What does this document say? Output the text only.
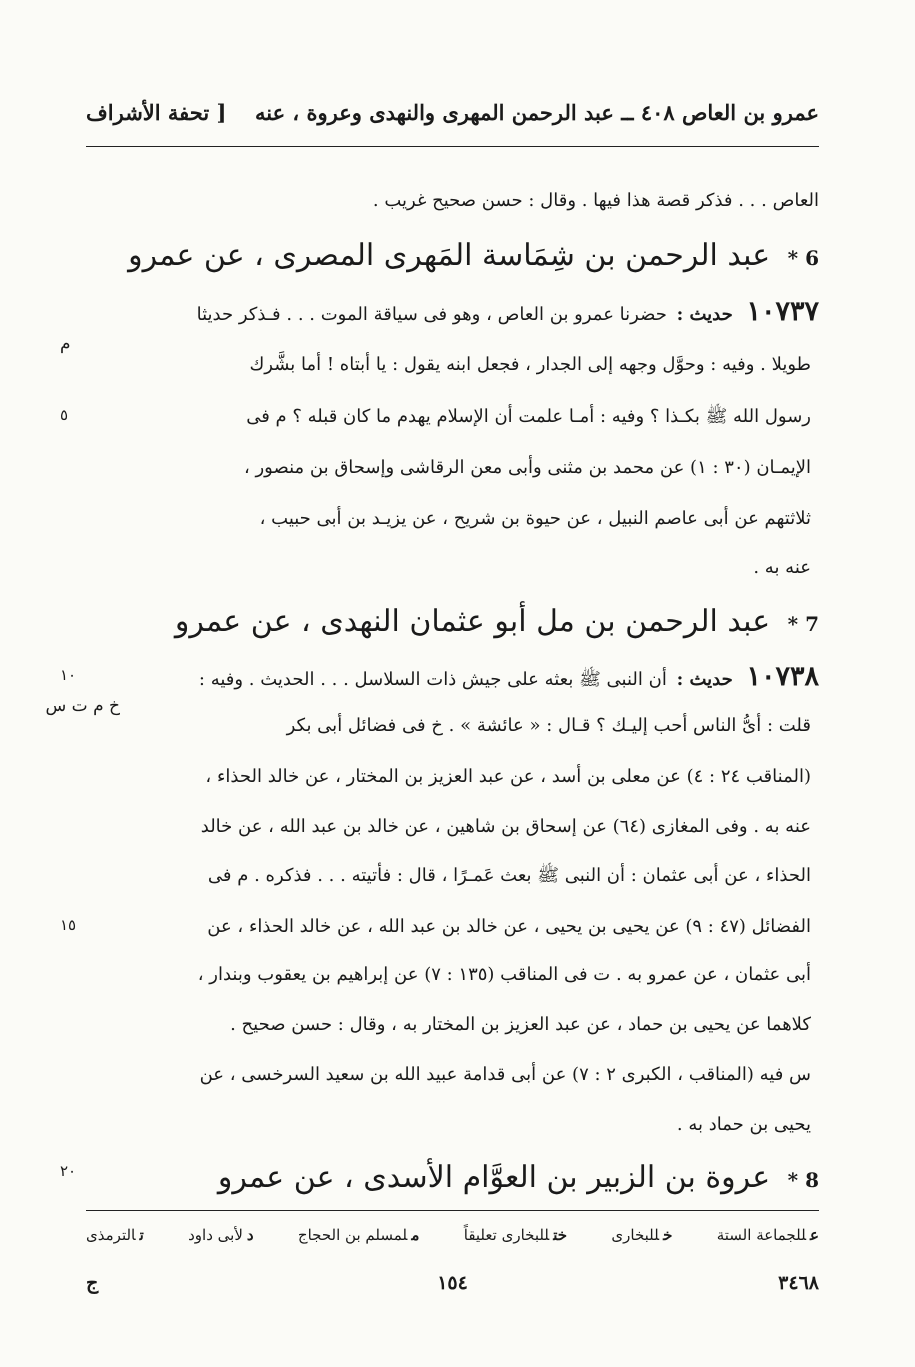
عمرو بن العاص ٤٠٨ ــ عبد الرحمن المهرى والنهدى وعروة ، عنه
[ تحفة الأشراف
العاص . . . فذكر قصة هذا فيها . وقال : حسن صحيح غريب .
6 * عبد الرحمن بن شِمَاسة المَهرى المصرى ، عن عمرو
١٠٧٣٧ حديث : حضرنا عمرو بن العاص ، وهو فى سياقة الموت . . . فـذكر حديثا
م
طويلا . وفيه : وحوَّل وجهه إلى الجدار ، فجعل ابنه يقول : يا أبتاه ! أما بشَّرك
رسول الله ﷺ بكـذا ؟ وفيه : أمـا علمت أن الإسلام يهدم ما كان قبله ؟ م فى
٥
الإيمـان (٣٠ : ١) عن محمد بن مثنى وأبى معن الرقاشى وإسحاق بن منصور ،
ثلاثتهم عن أبى عاصم النبيل ، عن حيوة بن شريح ، عن يزيـد بن أبى حبيب ،
عنه به .
7 * عبد الرحمن بن مل أبو عثمان النهدى ، عن عمرو
١٠٧٣٨ حديث : أن النبى ﷺ بعثه على جيش ذات السلاسل . . . الحديث . وفيه :
١٠
خ م ت س
قلت : أىُّ الناس أحب إليـك ؟ قـال : « عائشة » . خ فى فضائل أبى بكر
(المناقب ٢٤ : ٤) عن معلى بن أسد ، عن عبد العزيز بن المختار ، عن خالد الحذاء ،
عنه به . وفى المغازى (٦٤) عن إسحاق بن شاهين ، عن خالد بن عبد الله ، عن خالد
الحذاء ، عن أبى عثمان : أن النبى ﷺ بعث عَمـرًا ، قال : فأتيته . . . فذكره . م فى
الفضائل (٤٧ : ٩) عن يحيى بن يحيى ، عن خالد بن عبد الله ، عن خالد الحذاء ، عن
١٥
أبى عثمان ، عن عمرو به . ت فى المناقب (١٣٥ : ٧) عن إبراهيم بن يعقوب وبندار ،
كلاهما عن يحيى بن حماد ، عن عبد العزيز بن المختار به ، وقال : حسن صحيح .
س فيه (المناقب ، الكبرى ٢ : ٧) عن أبى قدامة عبيد الله بن سعيد السرخسى ، عن
يحيى بن حماد به .
8 * عروة بن الزبير بن العوَّام الأسدى ، عن عمرو
٢٠
عللجماعة الستة
خللبخارى
ختللبخارى تعليقاً
ملمسلم بن الحجاج
دلأبى داود
تالترمذى
٣٤٦٨
١٥٤
ج
